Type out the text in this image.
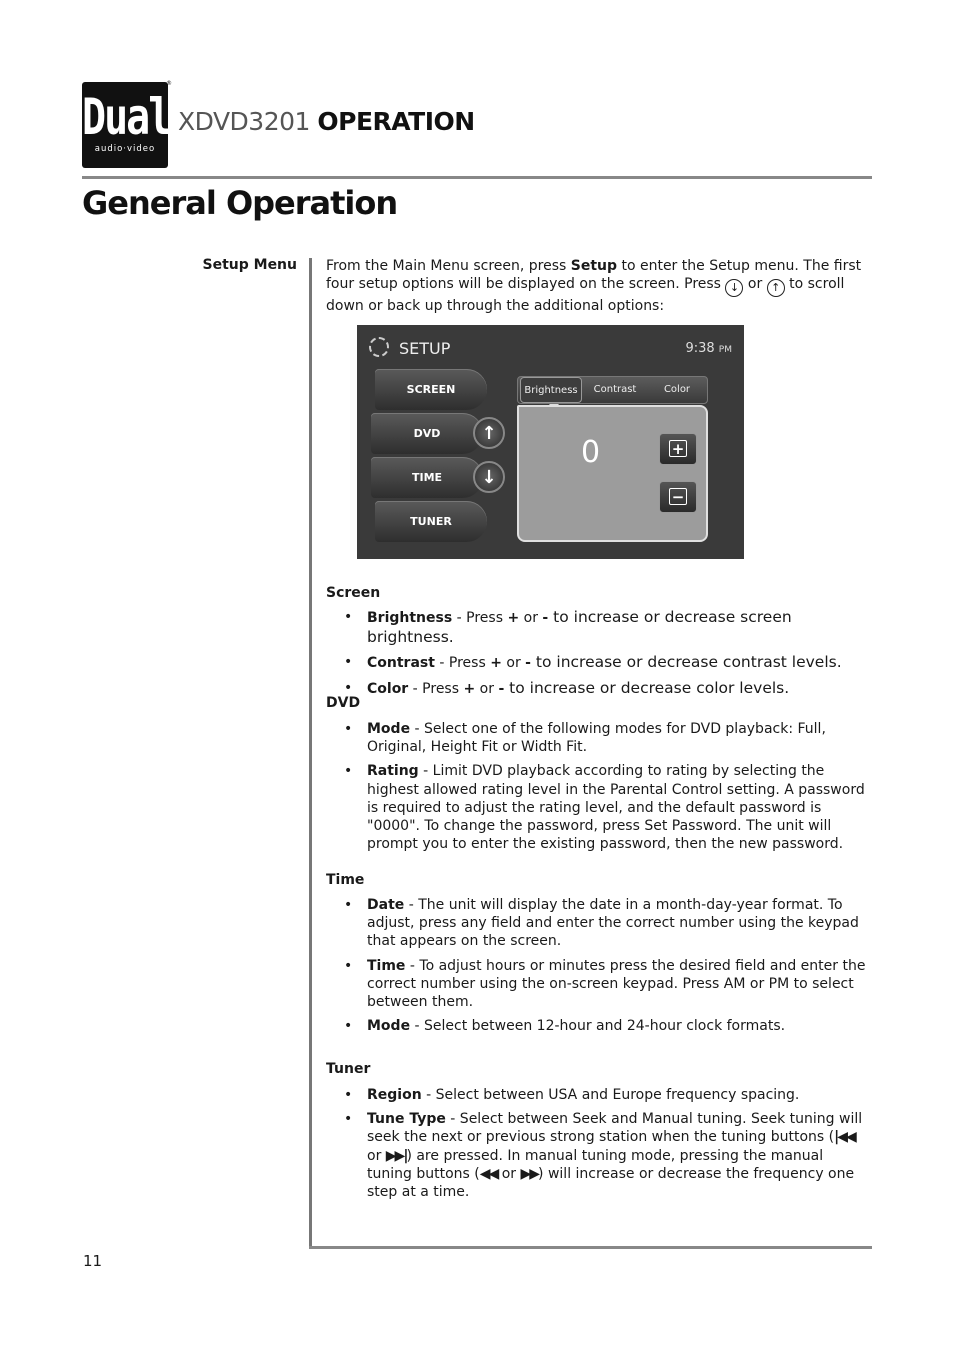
Dual
audio·video
®
XDVD3201 OPERATION
General Operation
Setup Menu From the Main Menu screen, press Setup to enter the Setup menu. The first four setup options will be displayed on the screen. Press ↓ or ↑ to scroll down or back up through the additional options:
SETUP	9:38 PM
SCREEN
DVD
TIME
TUNER
↑
↓
Brightness	Contrast	Color
0	+
−
Screen
• Brightness - Press + or - to increase or decrease screen brightness.
• Contrast - Press + or - to increase or decrease contrast levels.
• Color - Press + or - to increase or decrease color levels.
DVD
• Mode - Select one of the following modes for DVD playback: Full, Original, Height Fit or Width Fit.
• Rating - Limit DVD playback according to rating by selecting the highest allowed rating level in the Parental Control setting. A password is required to adjust the rating level, and the default password is "0000". To change the password, press Set Password. The unit will prompt you to enter the existing password, then the new password.
Time
• Date - The unit will display the date in a month-day-year format. To adjust, press any field and enter the correct number using the keypad that appears on the screen.
• Time - To adjust hours or minutes press the desired field and enter the correct number using the on-screen keypad. Press AM or PM to select between them.
• Mode - Select between 12-hour and 24-hour clock formats.
Tuner
• Region - Select between USA and Europe frequency spacing.
• Tune Type - Select between Seek and Manual tuning. Seek tuning will seek the next or previous strong station when the tuning buttons (|◀◀ or ▶▶|) are pressed. In manual tuning mode, pressing the manual tuning buttons (◀◀ or ▶▶) will increase or decrease the frequency one step at a time.
11
